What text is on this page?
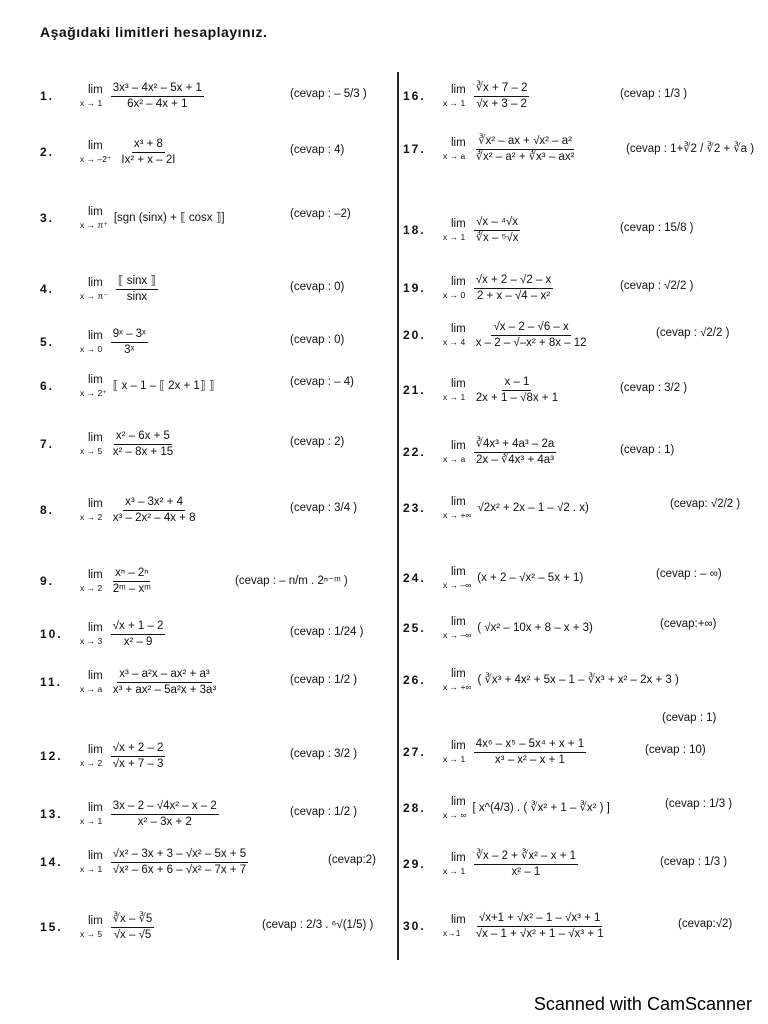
Aşağıdaki limitleri hesaplayınız.
Scanned with CamScanner
1.	lim
$x \to 1 \frac{\text{3x³ – 4x² – 5x + 1}}{\text{6x² – 4x + 1}}$	(cevap : – 5/3 )
2.	lim
$x \to -2^+ \frac{\text{x³ + 8}}{\text{Ix² + x – 2I}}$	(cevap : 4)
3.	lim
x → π⁺
[sgn (sinx) + ⟦ cosx ⟧]	(cevap : –2)
4.	lim
$x \to \pi^- \frac{⟦ \sin x ⟧}{\sin x}$	(cevap : 0)
5.	lim
$x \to 0 \frac{\text{9ˣ – 3ˣ}}{\text{3ˣ}}$	(cevap : 0)
6.	lim
x → 2⁺
⟦ x – 1 – ⟦ 2x + 1⟧ ⟧	(cevap : – 4)
7.	lim
$x \to 5 \frac{\text{x² – 6x + 5}}{\text{x² – 8x + 15}}$	(cevap : 2)
8.	lim
$x \to 2 \frac{\text{x³ – 3x² + 4}}{\text{x³ – 2x² – 4x + 8}}$	(cevap : 3/4 )
9.	lim
$x \to 2 \frac{\text{xⁿ – 2ⁿ}}{\text{2ᵐ – xᵐ}}$	(cevap : – n/m . 2ⁿ⁻ᵐ )
10.	lim
$x \to 3 \frac{√x + 1 - 2}{\text{x² – 9}}$	(cevap : 1/24 )
11.	lim
x → a $\frac{\text{x³ – a²x – ax² + a³}}{\text{x³ + ax² – 5a²x + 3a³}}$	(cevap : 1/2 )
12.	lim
$x \to 2 \frac{√x + 2 - 2}{√x + 7 - 3}$	(cevap : 3/2 )
13.	lim
$x \to 1 \frac{\text{3x – 2 – √4x² – x – 2}}{\text{x² – 3x + 2}}$	(cevap : 1/2 )
14.	lim
$x \to 1 \frac{\text{√x² – 3x + 3 – √x² – 5x + 5}}{\text{√x² – 6x + 6 – √x² – 7x + 7}}$	(cevap:2)
15.	lim
$x \to 5 \frac{∛x - ∛5}{√x - √5}$	(cevap : 2/3 . ⁶√(1/5) )
16.	lim
$x \to 1 \frac{∛x + 7 - 2}{√x + 3 - 2}$	(cevap : 1/3 )
17.	lim
x → a $\frac{\text{∛x² – ax + √x² – a²}}{\text{∛x² – a² + ∛x³ – ax²}}$	(cevap : 1+∛2 / ∛2 + ∛a )
18.	lim
$x \to 1 \frac{\text{√x – ⁴√x}}{\text{∛x – ⁵√x}}$	(cevap : 15/8 )
19.	lim
$x \to 0 \frac{√x + 2 - √2 - x}{\text{2 + x – √4 – x²}}$	(cevap : √2/2 )
20.	lim
$x \to 4 \frac{√x - 2 - √6 - x}{\text{x – 2 – √–x² + 8x – 12}}$	(cevap : √2/2 )
21.	lim
$x \to 1 \frac{x - 1}{2x + 1 - √8x + 1}$	(cevap : 3/2 )
22.	lim
x → a $\frac{\text{∛4x³ + 4a³ – 2a}}{\text{2x – ∛4x³ + 4a³}}$	(cevap : 1)
23.	lim
x → +∞
√2x² + 2x – 1 – √2 . x)	(cevap: √2/2 )
24.	lim
x → –∞
(x + 2 – √x² – 5x + 1)	(cevap : – ∞)
25.	lim
x → –∞
( √x² – 10x + 8 – x + 3)	(cevap:+∞)
26.	lim
x → +∞
( ∛x³ + 4x² + 5x – 1 – ∛x³ + x² – 2x + 3 )
(cevap : 1)
27.	lim
$x \to 1 \frac{\text{4x⁶ – x⁵ – 5x⁴ + x + 1}}{\text{x³ – x² – x + 1}}$	(cevap : 10)
28.	lim
x → ∞
[ x^(4/3) . ( ∛x² + 1 – ∛x² ) ]	(cevap : 1/3 )
29.	lim
$x \to 1 \frac{\text{∛x – 2 + ∛x² – x + 1}}{\text{x² – 1}}$	(cevap : 1/3 )
30.	lim
$x\to 1 \frac{\text{√x+1 + √x² – 1 – √x³ + 1}}{\text{√x – 1 + √x² + 1 – √x³ + 1}}$	(cevap:√2)
